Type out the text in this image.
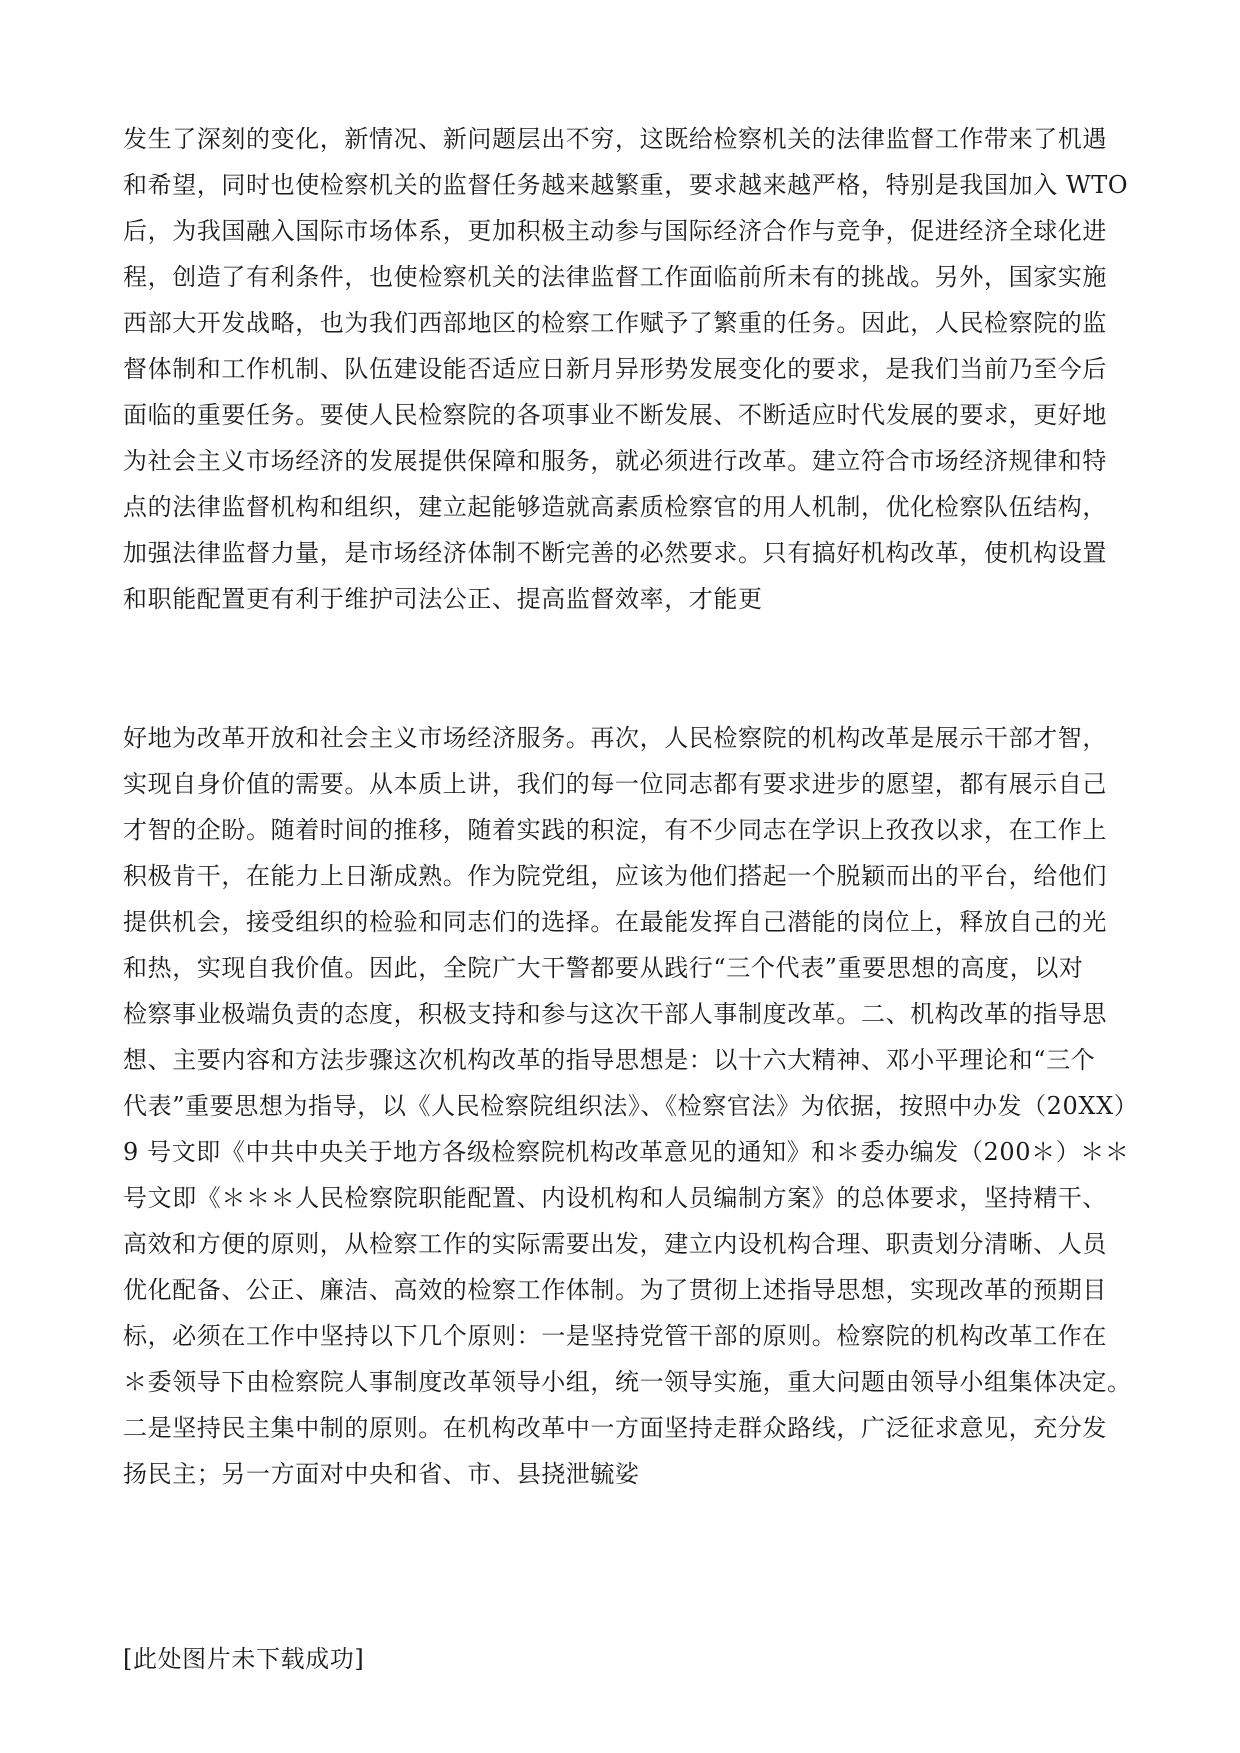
发生了深刻的变化，新情况、新问题层出不穷，这既给检察机关的法律监督工作带来了机遇
和希望，同时也使检察机关的监督任务越来越繁重，要求越来越严格，特别是我国加入 WTO
后，为我国融入国际市场体系，更加积极主动参与国际经济合作与竞争，促进经济全球化进
程，创造了有利条件，也使检察机关的法律监督工作面临前所未有的挑战。另外，国家实施
西部大开发战略，也为我们西部地区的检察工作赋予了繁重的任务。因此，人民检察院的监
督体制和工作机制、队伍建设能否适应日新月异形势发展变化的要求，是我们当前乃至今后
面临的重要任务。要使人民检察院的各项事业不断发展、不断适应时代发展的要求，更好地
为社会主义市场经济的发展提供保障和服务，就必须进行改革。建立符合市场经济规律和特
点的法律监督机构和组织，建立起能够造就高素质检察官的用人机制，优化检察队伍结构，
加强法律监督力量，是市场经济体制不断完善的必然要求。只有搞好机构改革，使机构设置
和职能配置更有利于维护司法公正、提高监督效率，才能更
好地为改革开放和社会主义市场经济服务。再次，人民检察院的机构改革是展示干部才智，
实现自身价值的需要。从本质上讲，我们的每一位同志都有要求进步的愿望，都有展示自己
才智的企盼。随着时间的推移，随着实践的积淀，有不少同志在学识上孜孜以求，在工作上
积极肯干，在能力上日渐成熟。作为院党组，应该为他们搭起一个脱颖而出的平台，给他们
提供机会，接受组织的检验和同志们的选择。在最能发挥自己潜能的岗位上，释放自己的光
和热，实现自我价值。因此，全院广大干警都要从践行“三个代表”重要思想的高度，以对
检察事业极端负责的态度，积极支持和参与这次干部人事制度改革。二、机构改革的指导思
想、主要内容和方法步骤这次机构改革的指导思想是：以十六大精神、邓小平理论和“三个
代表”重要思想为指导，以《人民检察院组织法》、《检察官法》为依据，按照中办发（20XX）
9 号文即《中共中央关于地方各级检察院机构改革意见的通知》和＊委办编发（200＊）＊＊
号文即《＊＊＊人民检察院职能配置、内设机构和人员编制方案》的总体要求，坚持精干、
高效和方便的原则，从检察工作的实际需要出发，建立内设机构合理、职责划分清晰、人员
优化配备、公正、廉洁、高效的检察工作体制。为了贯彻上述指导思想，实现改革的预期目
标，必须在工作中坚持以下几个原则：一是坚持党管干部的原则。检察院的机构改革工作在
＊委领导下由检察院人事制度改革领导小组，统一领导实施，重大问题由领导小组集体决定。
二是坚持民主集中制的原则。在机构改革中一方面坚持走群众路线，广泛征求意见，充分发
扬民主；另一方面对中央和省、市、县挠泄毓娑
[此处图片未下载成功]
